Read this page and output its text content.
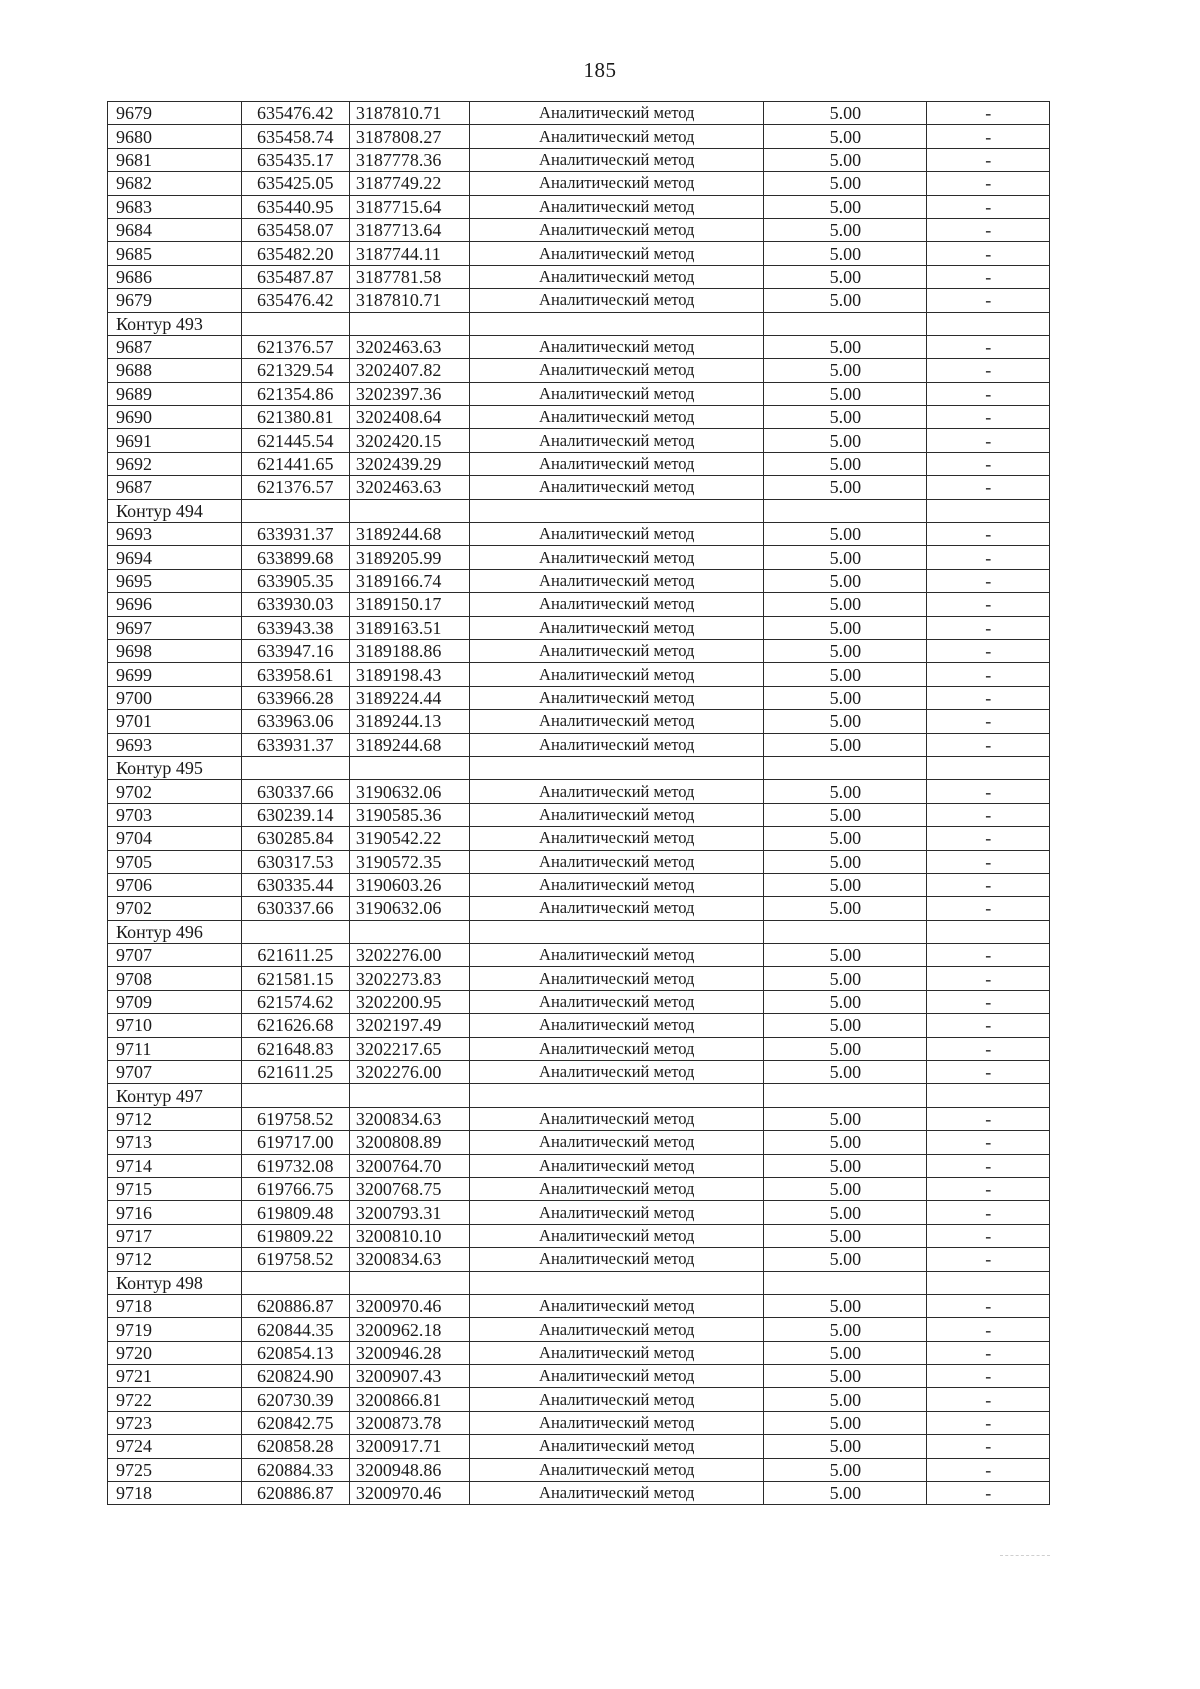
185
9679	635476.42	3187810.71	Аналитический метод	5.00	-
9680	635458.74	3187808.27	Аналитический метод	5.00	-
9681	635435.17	3187778.36	Аналитический метод	5.00	-
9682	635425.05	3187749.22	Аналитический метод	5.00	-
9683	635440.95	3187715.64	Аналитический метод	5.00	-
9684	635458.07	3187713.64	Аналитический метод	5.00	-
9685	635482.20	3187744.11	Аналитический метод	5.00	-
9686	635487.87	3187781.58	Аналитический метод	5.00	-
9679	635476.42	3187810.71	Аналитический метод	5.00	-
Контур 493					
9687	621376.57	3202463.63	Аналитический метод	5.00	-
9688	621329.54	3202407.82	Аналитический метод	5.00	-
9689	621354.86	3202397.36	Аналитический метод	5.00	-
9690	621380.81	3202408.64	Аналитический метод	5.00	-
9691	621445.54	3202420.15	Аналитический метод	5.00	-
9692	621441.65	3202439.29	Аналитический метод	5.00	-
9687	621376.57	3202463.63	Аналитический метод	5.00	-
Контур 494					
9693	633931.37	3189244.68	Аналитический метод	5.00	-
9694	633899.68	3189205.99	Аналитический метод	5.00	-
9695	633905.35	3189166.74	Аналитический метод	5.00	-
9696	633930.03	3189150.17	Аналитический метод	5.00	-
9697	633943.38	3189163.51	Аналитический метод	5.00	-
9698	633947.16	3189188.86	Аналитический метод	5.00	-
9699	633958.61	3189198.43	Аналитический метод	5.00	-
9700	633966.28	3189224.44	Аналитический метод	5.00	-
9701	633963.06	3189244.13	Аналитический метод	5.00	-
9693	633931.37	3189244.68	Аналитический метод	5.00	-
Контур 495					
9702	630337.66	3190632.06	Аналитический метод	5.00	-
9703	630239.14	3190585.36	Аналитический метод	5.00	-
9704	630285.84	3190542.22	Аналитический метод	5.00	-
9705	630317.53	3190572.35	Аналитический метод	5.00	-
9706	630335.44	3190603.26	Аналитический метод	5.00	-
9702	630337.66	3190632.06	Аналитический метод	5.00	-
Контур 496					
9707	621611.25	3202276.00	Аналитический метод	5.00	-
9708	621581.15	3202273.83	Аналитический метод	5.00	-
9709	621574.62	3202200.95	Аналитический метод	5.00	-
9710	621626.68	3202197.49	Аналитический метод	5.00	-
9711	621648.83	3202217.65	Аналитический метод	5.00	-
9707	621611.25	3202276.00	Аналитический метод	5.00	-
Контур 497					
9712	619758.52	3200834.63	Аналитический метод	5.00	-
9713	619717.00	3200808.89	Аналитический метод	5.00	-
9714	619732.08	3200764.70	Аналитический метод	5.00	-
9715	619766.75	3200768.75	Аналитический метод	5.00	-
9716	619809.48	3200793.31	Аналитический метод	5.00	-
9717	619809.22	3200810.10	Аналитический метод	5.00	-
9712	619758.52	3200834.63	Аналитический метод	5.00	-
Контур 498					
9718	620886.87	3200970.46	Аналитический метод	5.00	-
9719	620844.35	3200962.18	Аналитический метод	5.00	-
9720	620854.13	3200946.28	Аналитический метод	5.00	-
9721	620824.90	3200907.43	Аналитический метод	5.00	-
9722	620730.39	3200866.81	Аналитический метод	5.00	-
9723	620842.75	3200873.78	Аналитический метод	5.00	-
9724	620858.28	3200917.71	Аналитический метод	5.00	-
9725	620884.33	3200948.86	Аналитический метод	5.00	-
9718	620886.87	3200970.46	Аналитический метод	5.00	-
